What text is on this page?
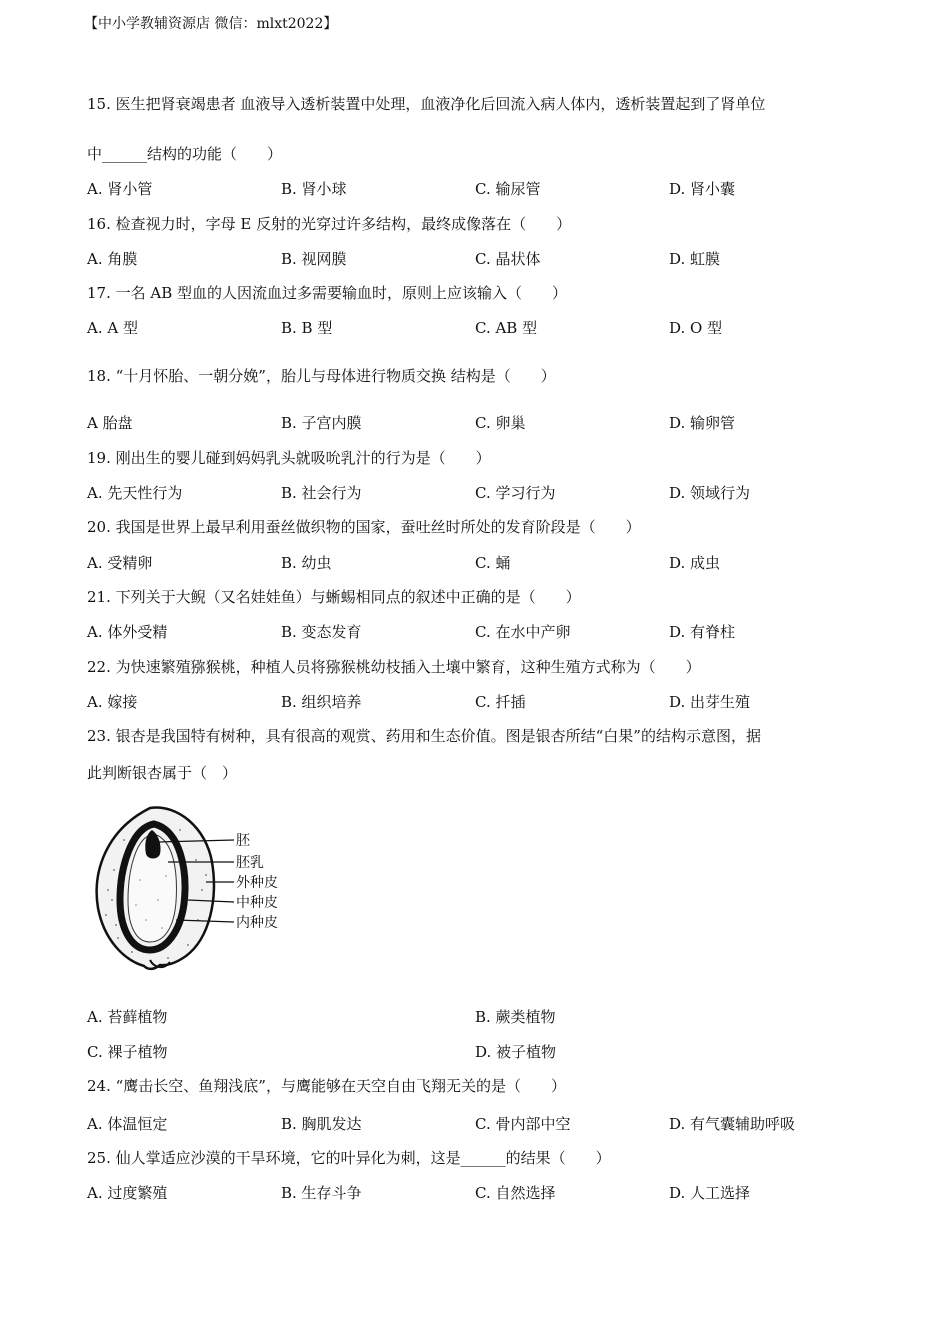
【中小学教辅资源店 微信：mlxt2022】
15. 医生把肾衰竭患者 血液导入透析装置中处理，血液净化后回流入病人体内，透析装置起到了肾单位
中______结构的功能（　　）
A. 肾小管	B. 肾小球	C. 输尿管	D. 肾小囊
16. 检查视力时，字母 E 反射的光穿过许多结构，最终成像落在（　　）
A. 角膜	B. 视网膜	C. 晶状体	D. 虹膜
17. 一名 AB 型血的人因流血过多需要输血时，原则上应该输入（　　）
A. A 型	B. B 型	C. AB 型	D. O 型
18. “十月怀胎、一朝分娩”，胎儿与母体进行物质交换 结构是（　　）
A 胎盘	B. 子宫内膜	C. 卵巢	D. 输卵管
19. 刚出生的婴儿碰到妈妈乳头就吸吮乳汁的行为是（　　）
A. 先天性行为	B. 社会行为	C. 学习行为	D. 领域行为
20. 我国是世界上最早利用蚕丝做织物的国家，蚕吐丝时所处的发育阶段是（　　）
A. 受精卵	B. 幼虫	C. 蛹	D. 成虫
21. 下列关于大鲵（又名娃娃鱼）与蜥蜴相同点的叙述中正确的是（　　）
A. 体外受精	B. 变态发育	C. 在水中产卵	D. 有脊柱
22. 为快速繁殖猕猴桃，种植人员将猕猴桃幼枝插入土壤中繁育，这种生殖方式称为（　　）
A. 嫁接	B. 组织培养	C. 扦插	D. 出芽生殖
23. 银杏是我国特有树种，具有很高的观赏、药用和生态价值。图是银杏所结“白果”的结构示意图，据
此判断银杏属于（　）
胚
胚乳
外种皮
中种皮
内种皮
A. 苔藓植物	B. 蕨类植物
C. 裸子植物	D. 被子植物
24. “鹰击长空、鱼翔浅底”，与鹰能够在天空自由飞翔无关的是（　　）
A. 体温恒定	B. 胸肌发达	C. 骨内部中空	D. 有气囊辅助呼吸
25. 仙人掌适应沙漠的干旱环境，它的叶异化为刺，这是______的结果（　　）
A. 过度繁殖	B. 生存斗争	C. 自然选择	D. 人工选择
